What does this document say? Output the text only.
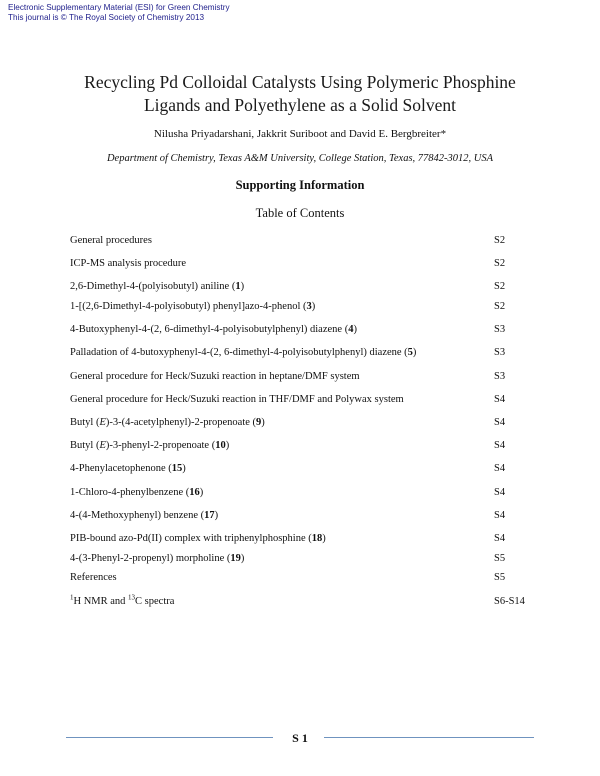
Electronic Supplementary Material (ESI) for Green Chemistry
This journal is © The Royal Society of Chemistry 2013
Recycling Pd Colloidal Catalysts Using Polymeric Phosphine
Ligands and Polyethylene as a Solid Solvent
Nilusha Priyadarshani, Jakkrit Suriboot and David E. Bergbreiter*
Department of Chemistry, Texas A&M University, College Station, Texas, 77842-3012, USA
Supporting Information
Table of Contents
General procedures	S2
ICP-MS analysis procedure	S2
2,6-Dimethyl-4-(polyisobutyl) aniline (1)	S2
1-[(2,6-Dimethyl-4-polyisobutyl) phenyl]azo-4-phenol (3)	S2
4-Butoxyphenyl-4-(2, 6-dimethyl-4-polyisobutylphenyl) diazene (4)	S3
Palladation of 4-butoxyphenyl-4-(2, 6-dimethyl-4-polyisobutylphenyl) diazene (5)	S3
General procedure for Heck/Suzuki reaction in heptane/DMF system	S3
General procedure for Heck/Suzuki reaction in THF/DMF and Polywax system	S4
Butyl (E)-3-(4-acetylphenyl)-2-propenoate (9)	S4
Butyl (E)-3-phenyl-2-propenoate (10)	S4
4-Phenylacetophenone (15)	S4
1-Chloro-4-phenylbenzene (16)	S4
4-(4-Methoxyphenyl) benzene (17)	S4
PIB-bound azo-Pd(II) complex with triphenylphosphine (18)	S4
4-(3-Phenyl-2-propenyl) morpholine (19)	S5
References	S5
$^1$H NMR and $^{13}$C spectra	S6-S14
S 1
